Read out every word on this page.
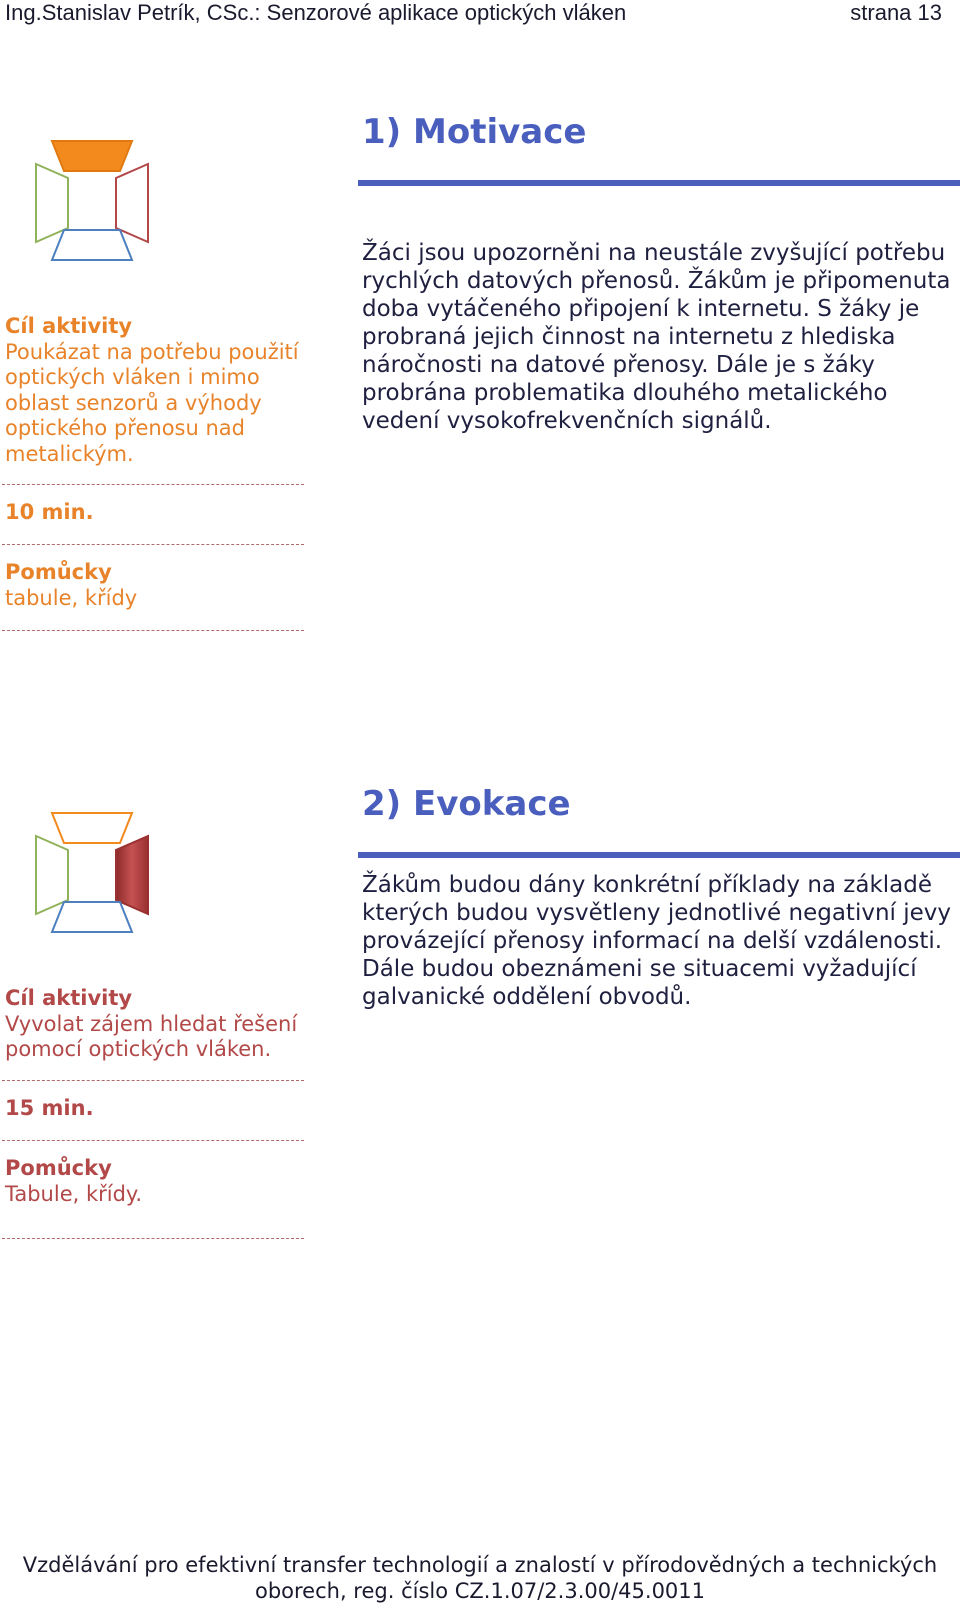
Ing.Stanislav Petrík, CSc.: Senzorové aplikace optických vláken	strana 13
1) Motivace
Žáci jsou upozorněni na neustále zvyšující potřebu rychlých datových přenosů. Žákům je připomenuta doba vytáčeného připojení k internetu. S žáky je probraná jejich činnost na internetu z hlediska náročnosti na datové přenosy. Dále je s žáky probrána problematika dlouhého metalického vedení vysokofrekvenčních signálů.
Cíl aktivity
Poukázat na potřebu použití optických vláken i mimo oblast senzorů a výhody optického přenosu nad metalickým.
10 min.
Pomůcky
tabule, křídy
2) Evokace
Žákům budou dány konkrétní příklady na základě kterých budou vysvětleny jednotlivé negativní jevy provázející přenosy informací na delší vzdálenosti. Dále budou obeznámeni se situacemi vyžadující galvanické oddělení obvodů.
Cíl aktivity
Vyvolat zájem hledat řešení pomocí optických vláken.
15 min.
Pomůcky
Tabule, křídy.
Vzdělávání pro efektivní transfer technologií a znalostí v přírodovědných a technických
oborech, reg. číslo CZ.1.07/2.3.00/45.0011
